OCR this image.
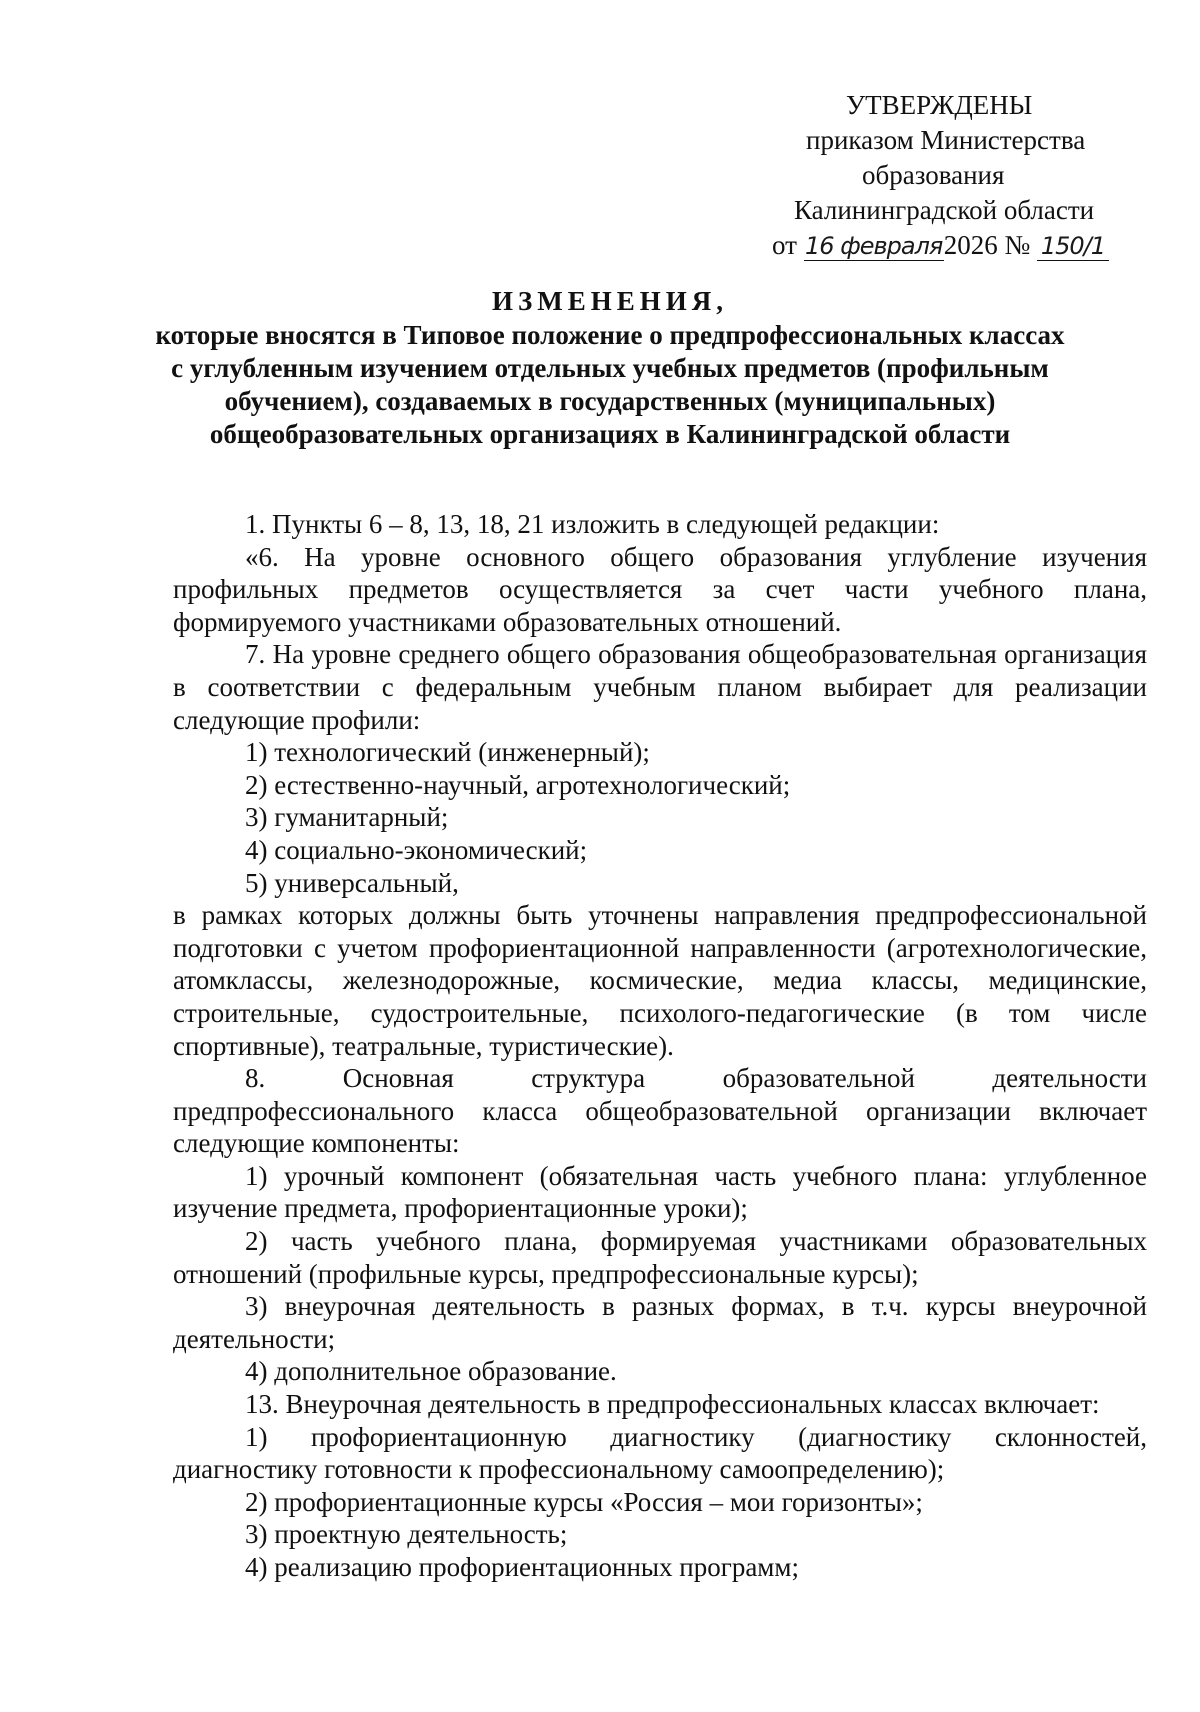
УТВЕРЖДЕНЫ
приказом Министерства
образования
Калининградской области
от 16 февраля2026 № 150/1
ИЗМЕНЕНИЯ,
которые вносятся в Типовое положение о предпрофессиональных классах
с углубленным изучением отдельных учебных предметов (профильным
обучением), создаваемых в государственных (муниципальных)
общеобразовательных организациях в Калининградской области

1. Пункты 6 – 8, 13, 18, 21 изложить в следующей редакции:

«6. На уровне основного общего образования углубление изучения профильных предметов осуществляется за счет части учебного плана, формируемого участниками образовательных отношений.

7. На уровне среднего общего образования общеобразовательная организация в соответствии с федеральным учебным планом выбирает для реализации следующие профили:

1) технологический (инженерный);

2) естественно-научный, агротехнологический;

3) гуманитарный;

4) социально-экономический;

5) универсальный,

в рамках которых должны быть уточнены направления предпрофессиональной подготовки с учетом профориентационной направленности (агротехнологические, атомклассы, железнодорожные, космические, медиа классы, медицинские, строительные, судостроительные, психолого-педагогические (в том числе спортивные), театральные, туристические).

8. Основная структура образовательной деятельности предпрофессионального класса общеобразовательной организации включает следующие компоненты:

1) урочный компонент (обязательная часть учебного плана: углубленное изучение предмета, профориентационные уроки);

2) часть учебного плана, формируемая участниками образовательных отношений (профильные курсы, предпрофессиональные курсы);

3) внеурочная деятельность в разных формах, в т.ч. курсы внеурочной деятельности;

4) дополнительное образование.

13. Внеурочная деятельность в предпрофессиональных классах включает:

1) профориентационную диагностику (диагностику склонностей, диагностику готовности к профессиональному самоопределению);

2) профориентационные курсы «Россия – мои горизонты»;

3) проектную деятельность;

4) реализацию профориентационных программ;
